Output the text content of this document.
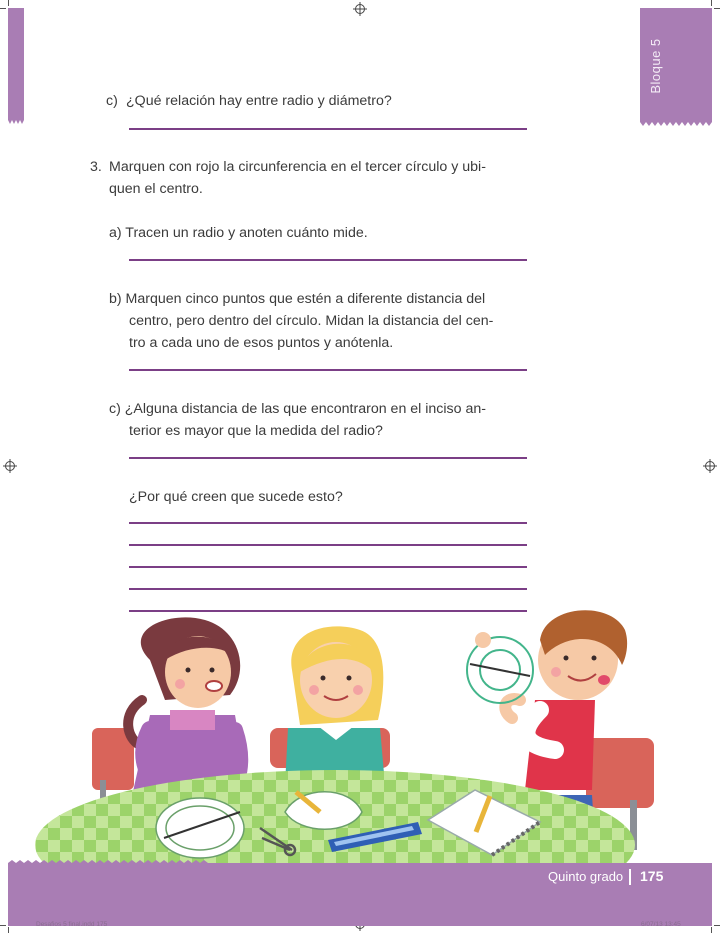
Bloque 5
c) ¿Qué relación hay entre radio y diámetro?
3. Marquen con rojo la circunferencia en el tercer círculo y ubi-
quen el centro.
a) Tracen un radio y anoten cuánto mide.
b) Marquen cinco puntos que estén a diferente distancia del
centro, pero dentro del círculo. Midan la distancia del cen-
tro a cada uno de esos puntos y anótenla.
c) ¿Alguna distancia de las que encontraron en el inciso an-
terior es mayor que la medida del radio?
¿Por qué creen que sucede esto?
Quinto grado 175
Desafios 5 final.indd 175	6/07/13 13:45
